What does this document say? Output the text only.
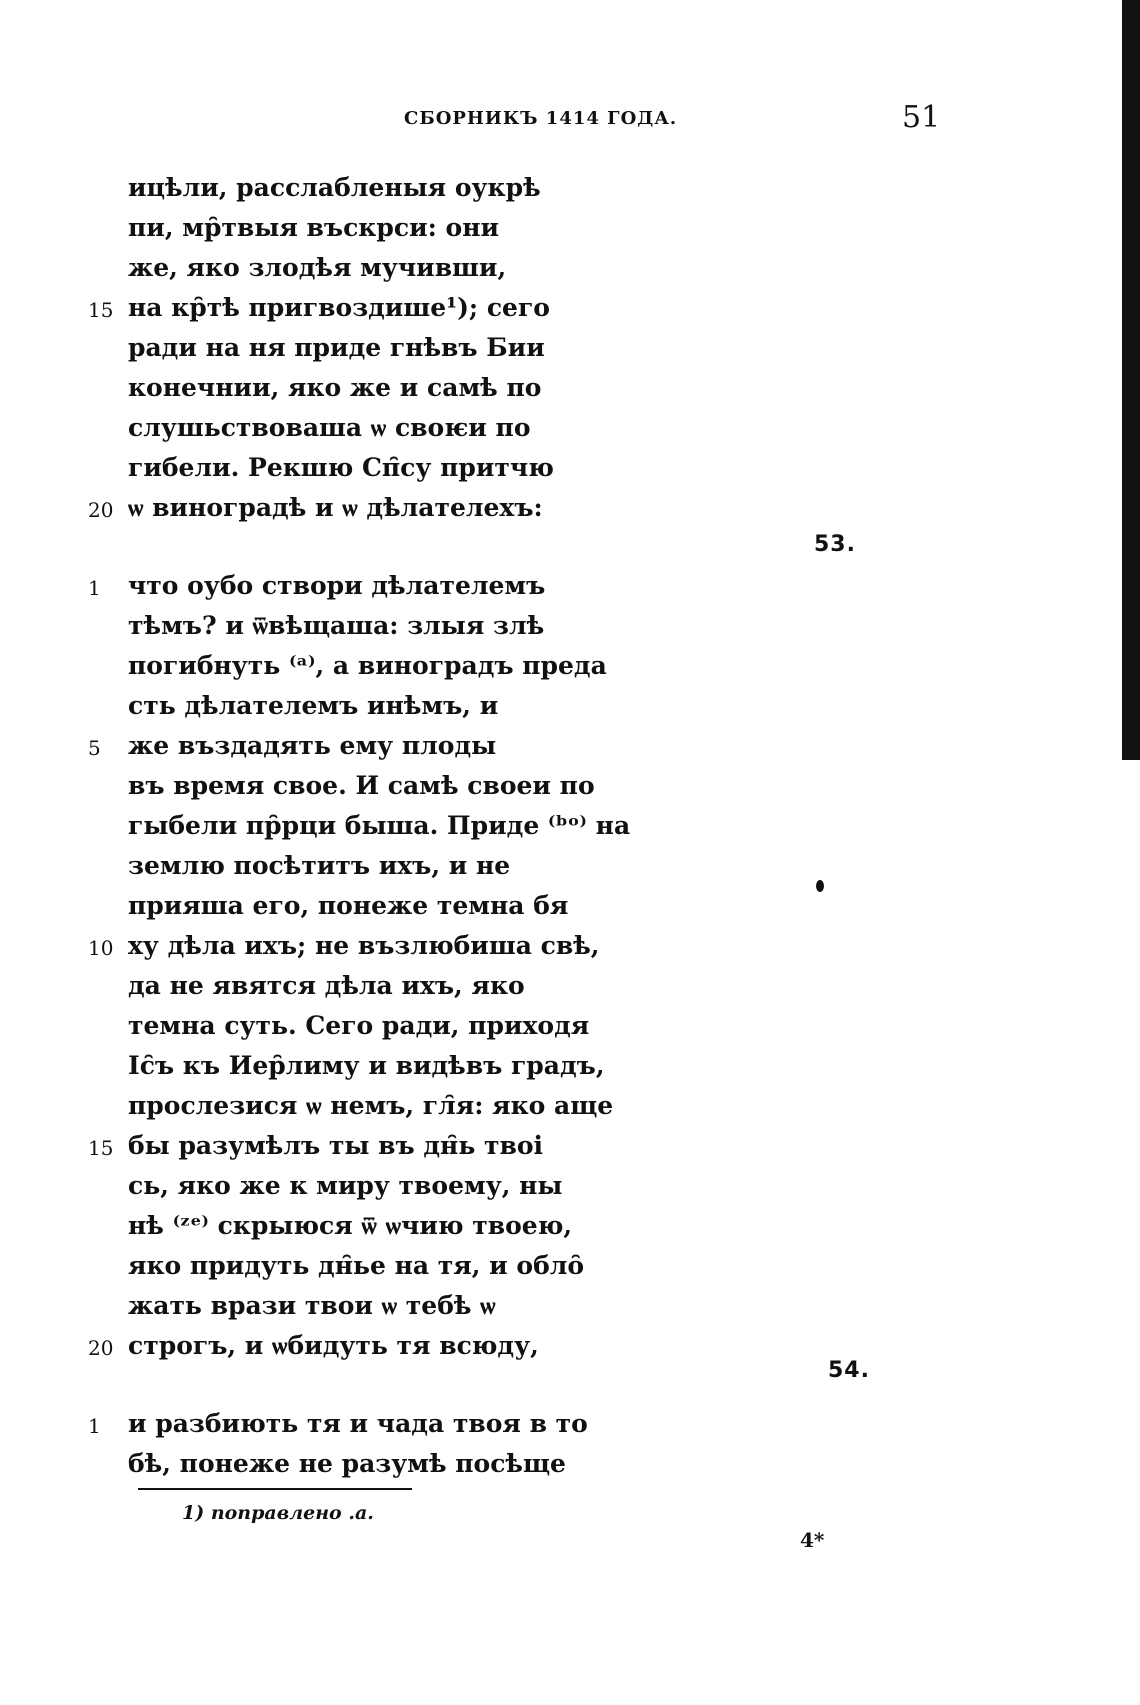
СБОРНИКЪ 1414 ГОДА.	51
ицѣли, расслабленыя оукрѣ
пи, мр̑твыя въскрси: они
же, яко злодѣя мучивши,
15 на кр̑тѣ пригвоздише¹); сего
ради на ня приде гнѣвъ Бии
конечнии, яко же и самѣ по
слушьствоваша ѡ своѥи по
гибели. Рекшю Сп̑су притчю
20 ѡ виноградѣ и ѡ дѣлателехъ:
1	что оубо створи дѣлателемъ
тѣмъ? и ѿвѣщаша: злыя злѣ
погибнуть ⁽ᵃ⁾, а виноградъ преда
сть дѣлателемъ инѣмъ, и
5	же въздадять ему плоды
въ время свое. И самѣ своеи по
гыбели пр̑рци быша. Приде ⁽ᵇᵒ⁾ на
землю посѣтитъ ихъ, и не
прияша его, понеже темна бя
10 ху дѣла ихъ; не възлюбиша свѣ,
да не явятся дѣла ихъ, яко
темна суть. Сего ради, приходя
Іс̑ъ къ Иер̑лиму и видѣвъ градъ,
прослезися ѡ немъ, гл̑я: яко аще
15 бы разумѣлъ ты въ дн̑ь твоі
сь, яко же к миру твоему, ны
нѣ ⁽ᶻᵉ⁾ скрыюся ѿ ѡчию твоею,
яко придуть дн̑ье на тя, и обло̑
жать врази твои ѡ тебѣ ѡ
20 строгъ, и ѡбидуть тя всюду,
1	и разбиють тя и чада твоя в то
бѣ, понеже не разумѣ посѣще
53.
54.
1) поправлено .а.
4*
